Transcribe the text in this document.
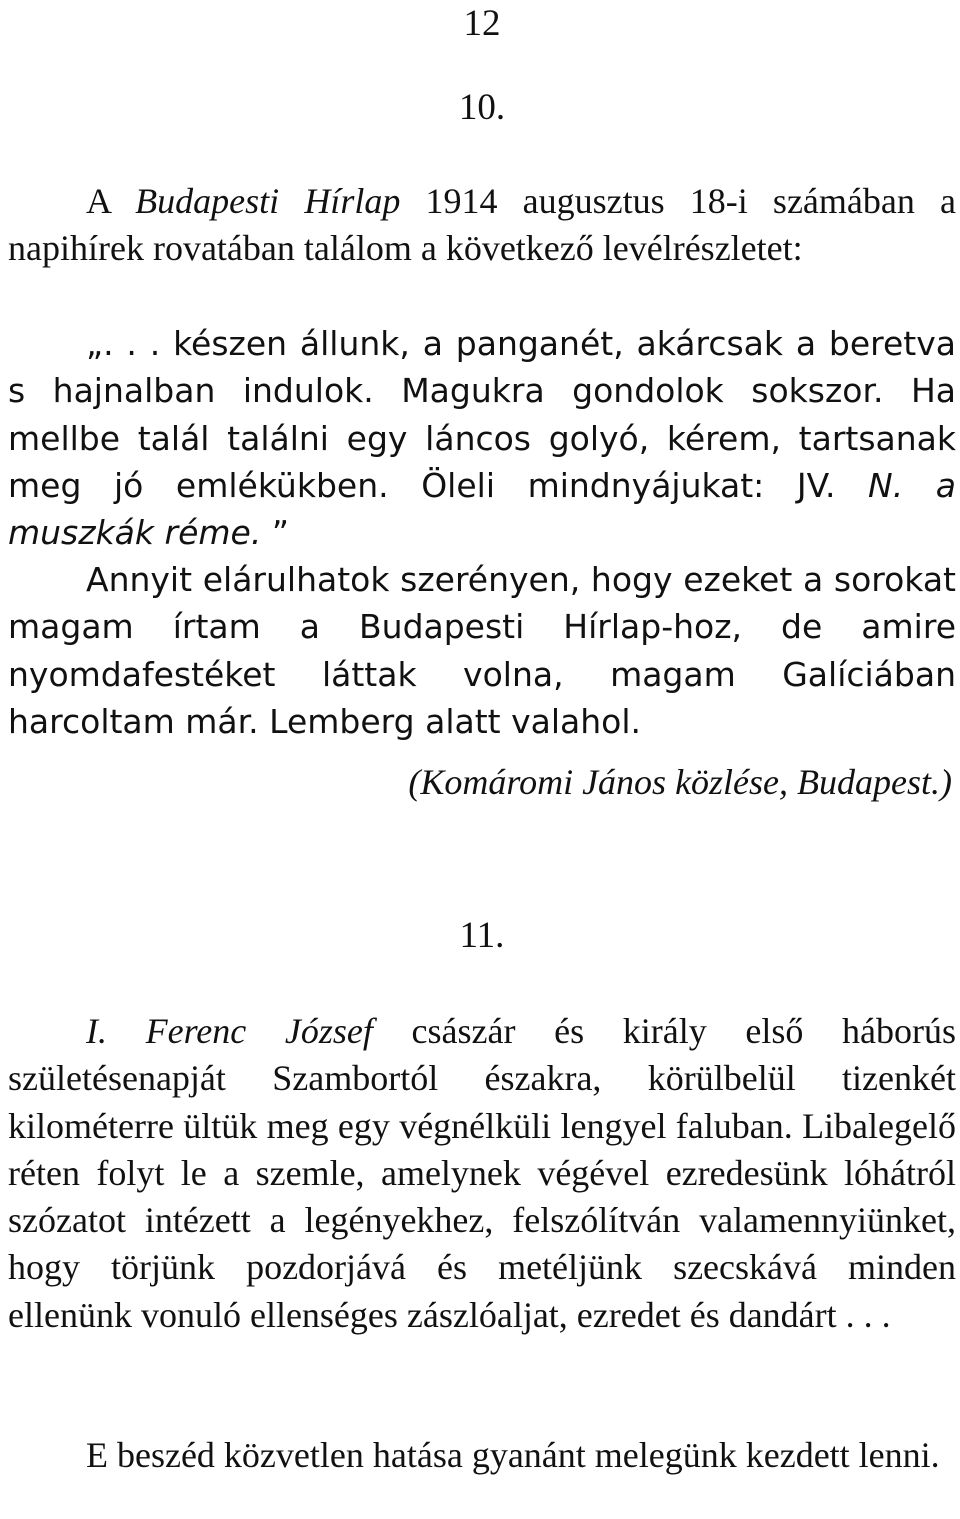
12
10.

A Budapesti Hírlap 1914 augusztus 18-i számában a napihírek rovatában találom a következő levélrészletet:

„. . . készen állunk, a panganét, akárcsak a beretva s hajnalban indulok. Magukra gondolok sokszor. Ha mellbe talál találni egy láncos golyó, kérem, tartsanak meg jó emlékükben. Öleli mindnyájukat: JV. N. a muszkák réme. ”

Annyit elárulhatok szerényen, hogy ezeket a sorokat magam írtam a Budapesti Hírlap-hoz, de amire nyomdafestéket láttak volna, magam Galíciában harcoltam már. Lemberg alatt valahol.

(Komáromi János közlése, Budapest.)
11.

I. Ferenc József császár és király első háborús születésenapját Szambortól északra, körülbelül tizenkét kilométerre ültük meg egy végnélküli lengyel faluban. Libalegelő réten folyt le a szemle, amelynek végével ezredesünk lóhátról szózatot intézett a legényekhez, felszólítván valamennyiünket, hogy törjünk pozdorjává és metéljünk szecskává minden ellenünk vonuló ellenséges zászlóaljat, ezredet és dandárt . . .

E beszéd közvetlen hatása gyanánt melegünk kezdett lenni.
